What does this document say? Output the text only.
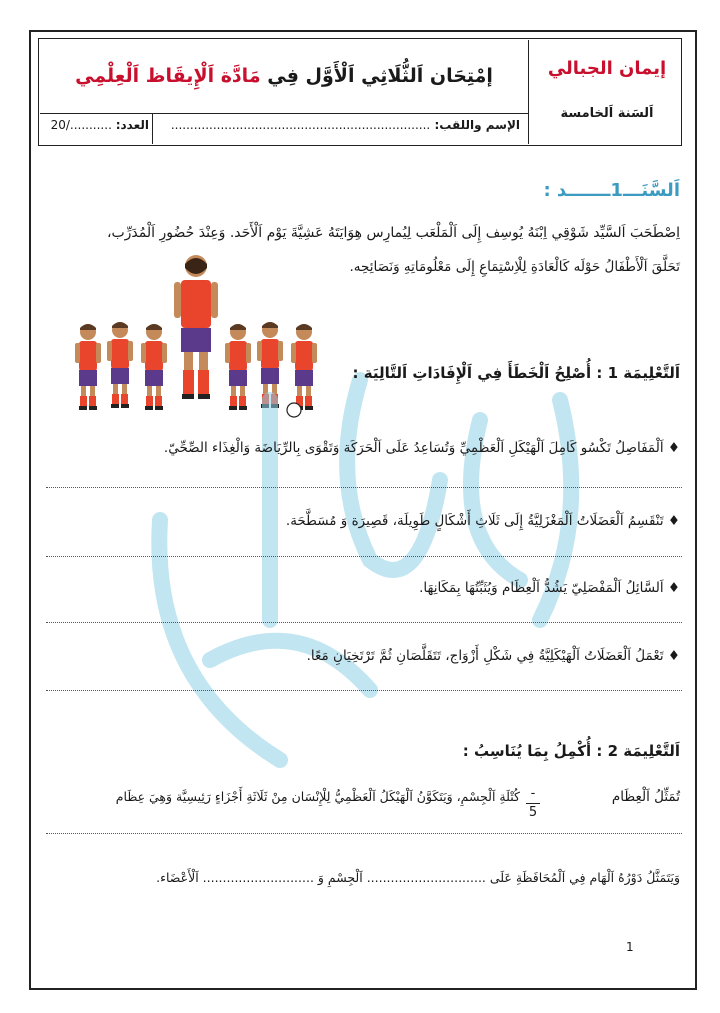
إمْتِحَان اَلثُّلَاثِي اَلْأَوَّل فِي

مَادَّة اَلْإِيقَاظ اَلْعِلْمِي	إيمان الجبالي
اَلسَنة اَلخامسة
الإسم واللقب: ....................................................................
العدد: .........../20
اَلسَّنَـــ1ـــــــد :
اِصْطَحَبَ اَلسَّيِّد شَوْقِي اِبْنَهُ يُوسِف إِلَى اَلْمَلْعَب لِيُمارِس هِوَايَتَهُ عَشِيَّةَ يَوْم اَلْأَحَد. وَعِنْدَ حُضُورِ اَلْمُدَرِّب،
تَحَلَّقَ اَلْأَطْفَالُ حَوْلَه كَالْعَادَةِ لِلْاِسْتِمَاعِ إِلَى مَعْلُومَاتِهِ وَنَصَائِحِه.
اَلتَّعْلِيمَة 1 : أُصْلِحُ اَلْخَطَأَ فِي اَلْإِفَادَاتِ اَلتَّالِيَة :
♦ اَلْمَفَاصِلُ تَكْسُو كَامِلَ اَلْهَيْكَلِ اَلْعَظْمِيِّ وَتُسَاعِدُ عَلَى اَلْحَرَكَة وَتَقْوَى بِالرِّيَاضَة وَالْغِذَاء الصِّحِّيّ.
♦ تَنْقَسِمُ اَلْعَضَلَاتُ اَلْمَغْزَلِيَّةُ إِلَى ثَلَاثِ أَشْكَالٍ طَوِيلَة، قَصِيرَة وَ مُسَطَّحَة.
♦ اَلسَّائِلُ اَلْمَفْصَلِيّ يَشُدُّ اَلْعِظَام وَيُثَبِّتُهَا بِمَكَانِهَا.
♦ تَعْمَلُ اَلْعَضَلَاتُ اَلْهَيْكَلِيَّةُ فِي شَكْلِ أَزْوَاج، تَتَقَلَّصَانِ ثُمَّ تَرْتَخِيَانِ مَعًا.
اَلتَّعْلِيمَة 2 : أُكْمِلُ بِمَا يُنَاسِبُ :
تُمَثِّلُ اَلْعِظَام
-
5
كُتْلَةِ اَلْجِسْمِ، وَيَتَكَوَّنُ اَلْهَيْكَلُ اَلْعَظْمِيُّ لِلْإِنْسَان مِنْ ثَلَاثَةِ أَجْزَاءٍ رَئِيسِيَّة وَهِيَ عِظَام
وَيَتَمَثَّلُ دَوْرُهُ اَلْهَام فِي اَلْمُحَافَظَةِ عَلَى .............................. اَلْجِسْمِ وَ ............................ اَلْأَعْضَاء.
1
